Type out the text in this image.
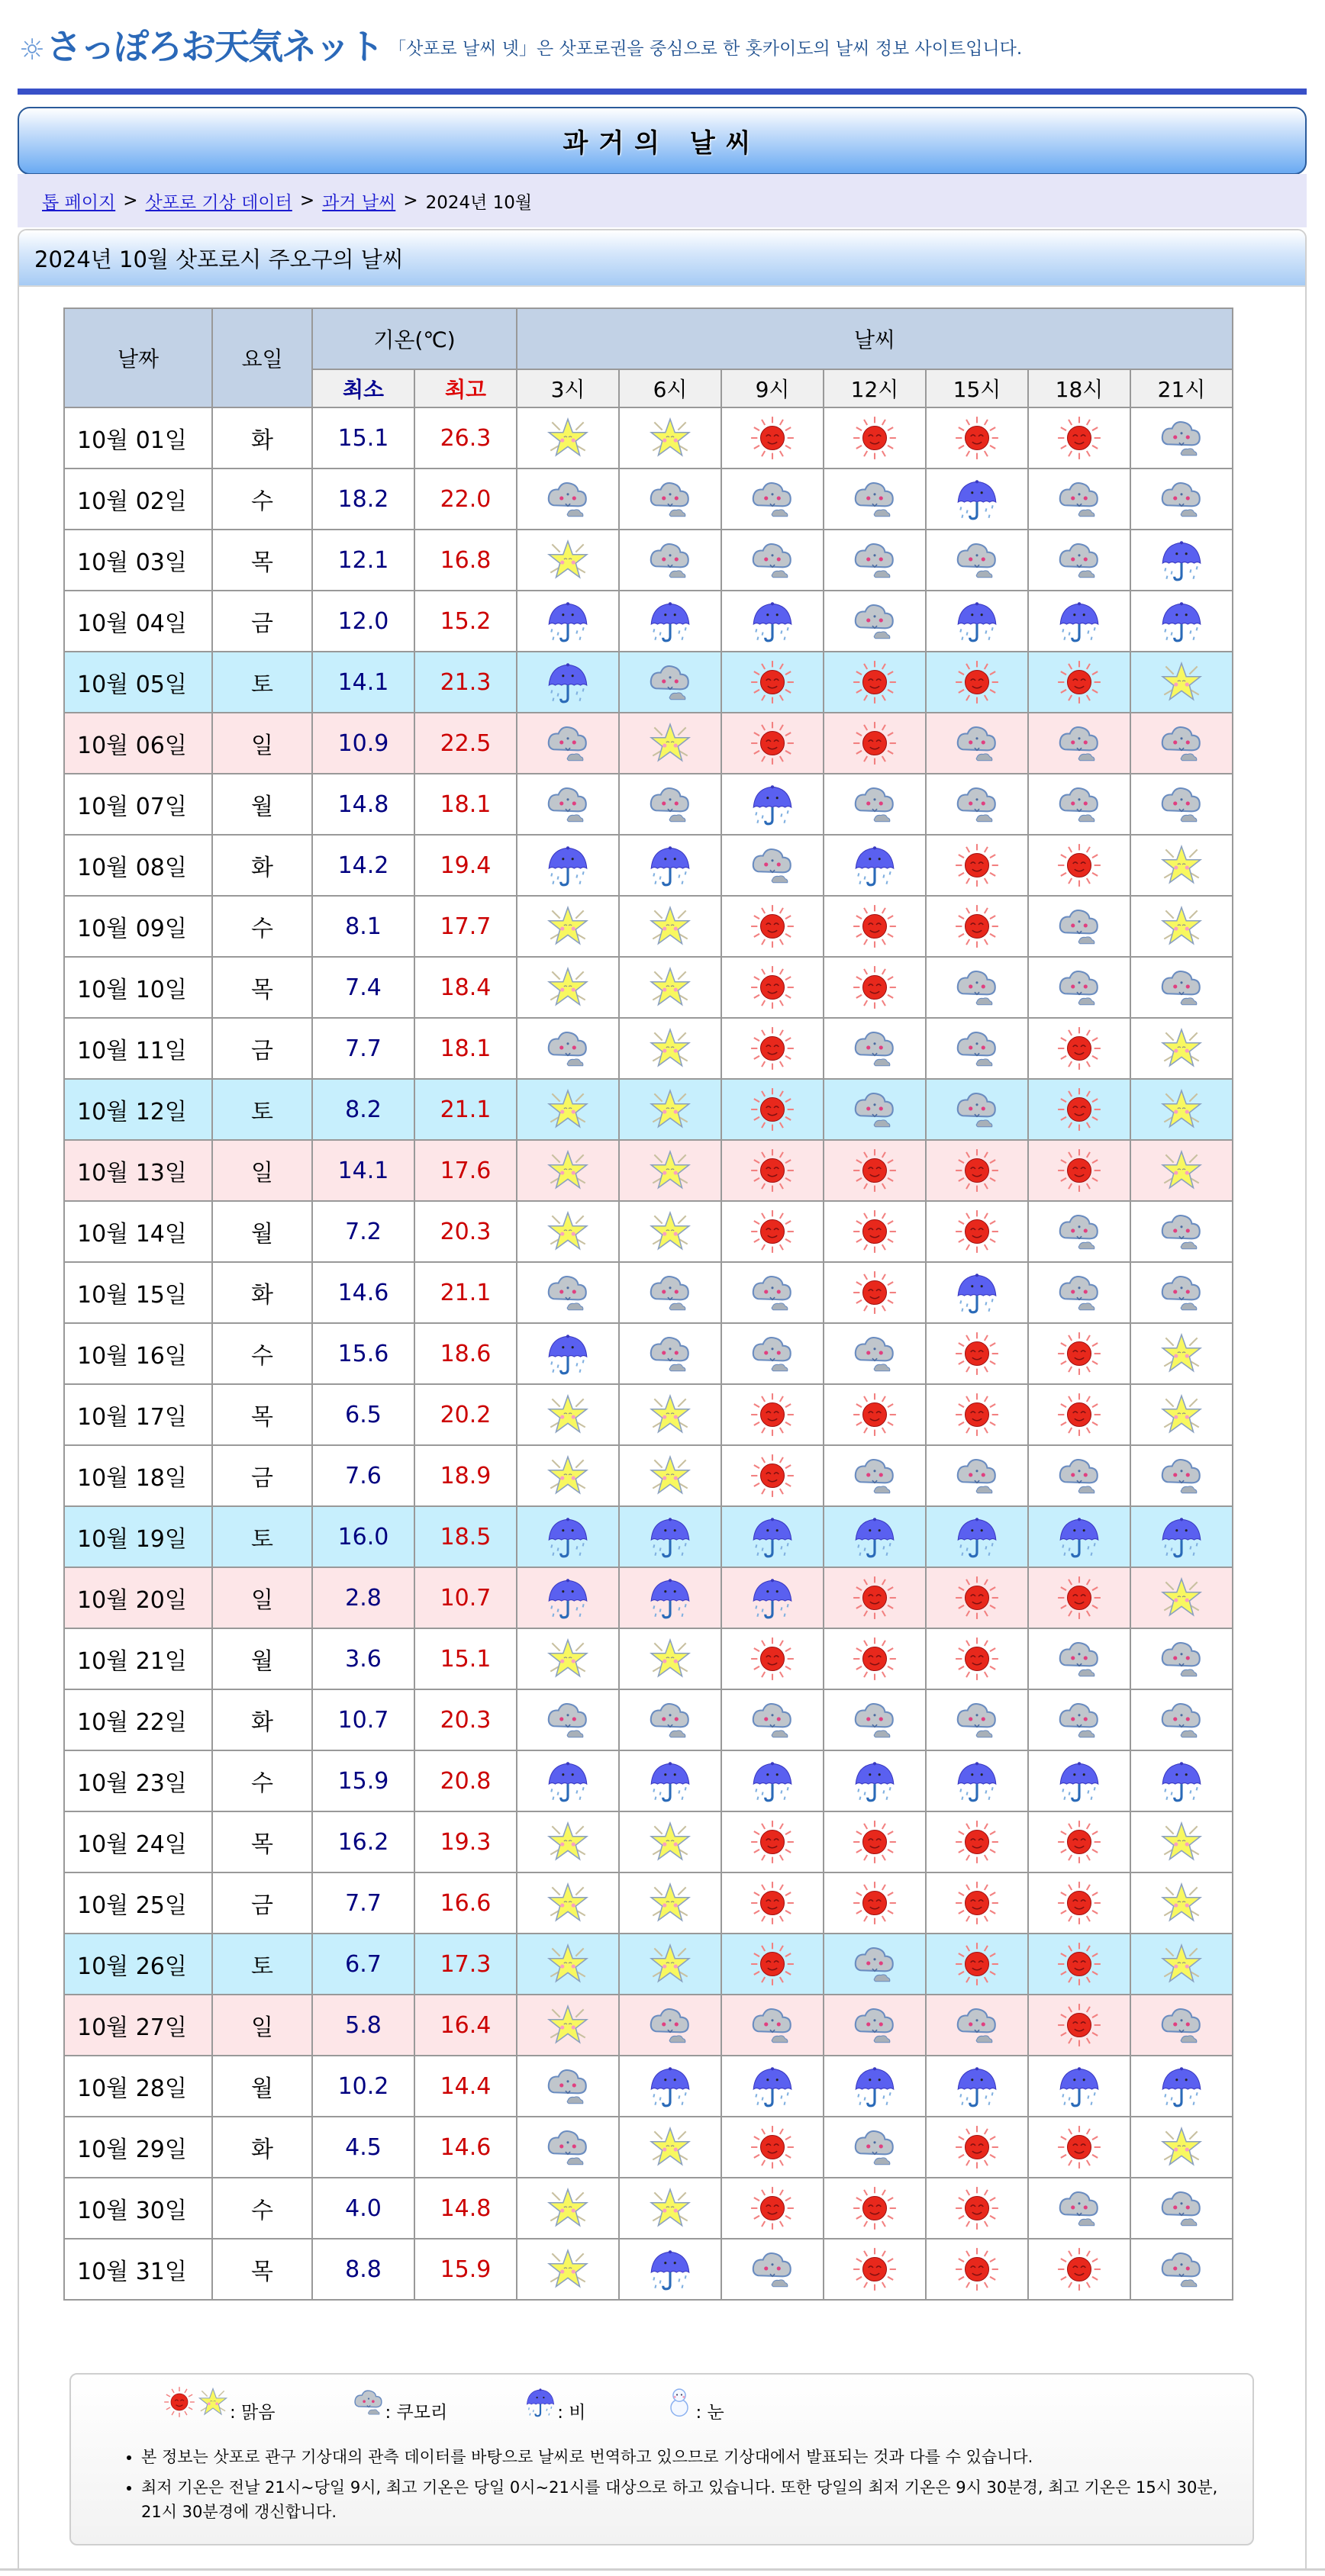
☼ さっぽろお天気ネット 「삿포로 날씨 넷」은 삿포로권을 중심으로 한 홋카이도의 날씨 정보 사이트입니다.
과거의 날씨
톱 페이지 > 삿포로 기상 데이터 > 과거 날씨 > 2024년 10월
2024년 10월 삿포로시 주오구의 날씨
날짜	요일	기온(℃)		날씨						
		최소	최고	3시	6시	9시	12시	15시	18시	21시
10월 01일	화	15.1	26.3	

10월 02일	수	18.2	22.0	

10월 03일	목	12.1	16.8	

10월 04일	금	12.0	15.2	

10월 05일	토	14.1	21.3	

10월 06일	일	10.9	22.5	

10월 07일	월	14.8	18.1	

10월 08일	화	14.2	19.4	

10월 09일	수	8.1	17.7	

10월 10일	목	7.4	18.4	

10월 11일	금	7.7	18.1	

10월 12일	토	8.2	21.1	

10월 13일	일	14.1	17.6	

10월 14일	월	7.2	20.3	

10월 15일	화	14.6	21.1	

10월 16일	수	15.6	18.6	

10월 17일	목	6.5	20.2	

10월 18일	금	7.6	18.9	

10월 19일	토	16.0	18.5	

10월 20일	일	2.8	10.7	

10월 21일	월	3.6	15.1	

10월 22일	화	10.7	20.3	

10월 23일	수	15.9	20.8	

10월 24일	목	16.2	19.3	

10월 25일	금	7.7	16.6	

10월 26일	토	6.7	17.3	

10월 27일	일	5.8	16.4	

10월 28일	월	10.2	14.4	

10월 29일	화	4.5	14.6	

10월 30일	수	4.0	14.8	

10월 31일	목	8.8	15.9	

: 맑음	: 쿠모리	: 비	: 눈
• 본 정보는 삿포로 관구 기상대의 관측 데이터를 바탕으로 날씨로 번역하고 있으므로 기상대에서 발표되는 것과 다를 수 있습니다.
• 최저 기온은 전날 21시~당일 9시, 최고 기온은 당일 0시~21시를 대상으로 하고 있습니다. 또한 당일의 최저 기온은 9시 30분경, 최고 기온은 15시 30분, 21시 30분경에 갱신합니다.
